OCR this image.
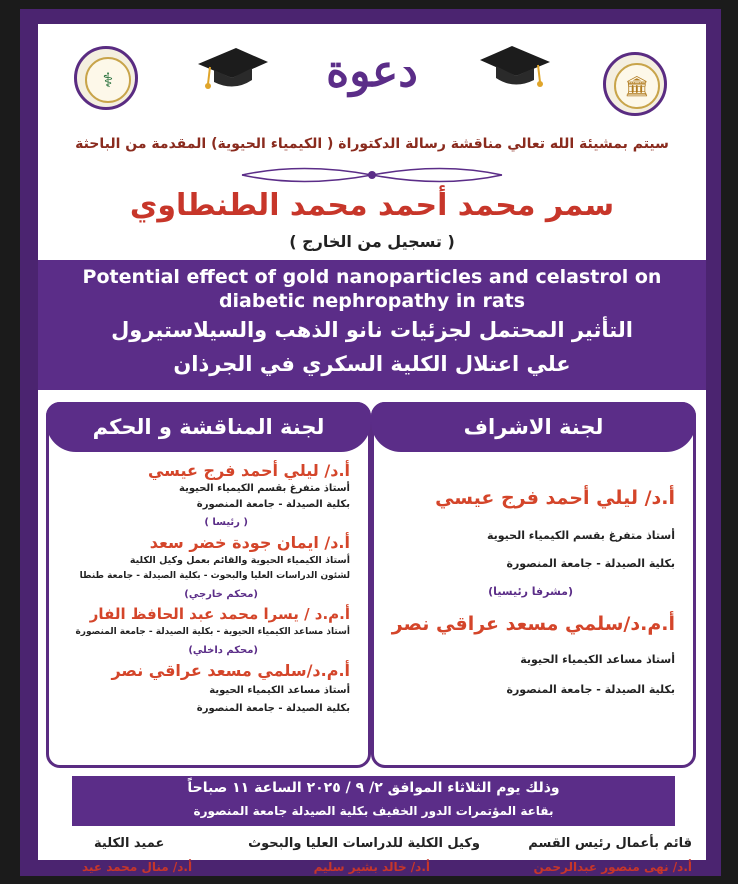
⚕	🏛
دعوة
سيتم بمشيئة الله تعالي مناقشة رسالة الدكتوراة ( الكيمياء الحيوية) المقدمة من الباحثة
سمر محمد أحمد محمد الطنطاوي
( تسجيل من الخارج )
Potential effect of gold nanoparticles and celastrol on
diabetic nephropathy in rats
التأثير المحتمل لجزئيات نانو الذهب والسيلاستيرول
علي اعتلال الكلية السكري في الجرذان
لجنة الاشراف
أ.د/ ليلي أحمد فرج عيسي
أستاذ متفرغ بقسم الكيمياء الحيوية
بكلية الصيدلة - جامعة المنصورة
(مشرفا رئيسيا)
أ.م.د/سلمي مسعد عراقي نصر
أستاذ مساعد الكيمياء الحيوية
بكلية الصيدلة - جامعة المنصورة
لجنة المناقشة و الحكم
أ.د/ ليلي أحمد فرج عيسي
أستاذ متفرغ بقسم الكيمياء الحيوية
بكلية الصيدلة - جامعة المنصورة
( رئيسا )
أ.د/ ايمان جودة خضر سعد
أستاذ الكيمياء الحيوية والقائم بعمل وكيل الكلية
لشئون الدراسات العليا والبحوث - بكلية الصيدلة - جامعة طنطا
(محكم خارجي)
أ.م.د / يسرا محمد عبد الحافظ الفار
أستاذ مساعد الكيمياء الحيوية - بكلية الصيدلة - جامعة المنصورة
(محكم داخلي)
أ.م.د/سلمي مسعد عراقي نصر
أستاذ مساعد الكيمياء الحيوية
بكلية الصيدلة - جامعة المنصورة
وذلك يوم الثلاثاء الموافق ٢/ ٩ / ٢٠٢٥ الساعة ١١ صباحاً
بقاعة المؤتمرات الدور الخفيف بكلية الصيدلة جامعة المنصورة
قائم بأعمال رئيس القسم
أ.د/ نهى منصور عبدالرحمن
وكيل الكلية للدراسات العليا والبحوث
أ.د/ خالد بشير سليم
عميد الكلية
أ.د/ منال محمد عيد
